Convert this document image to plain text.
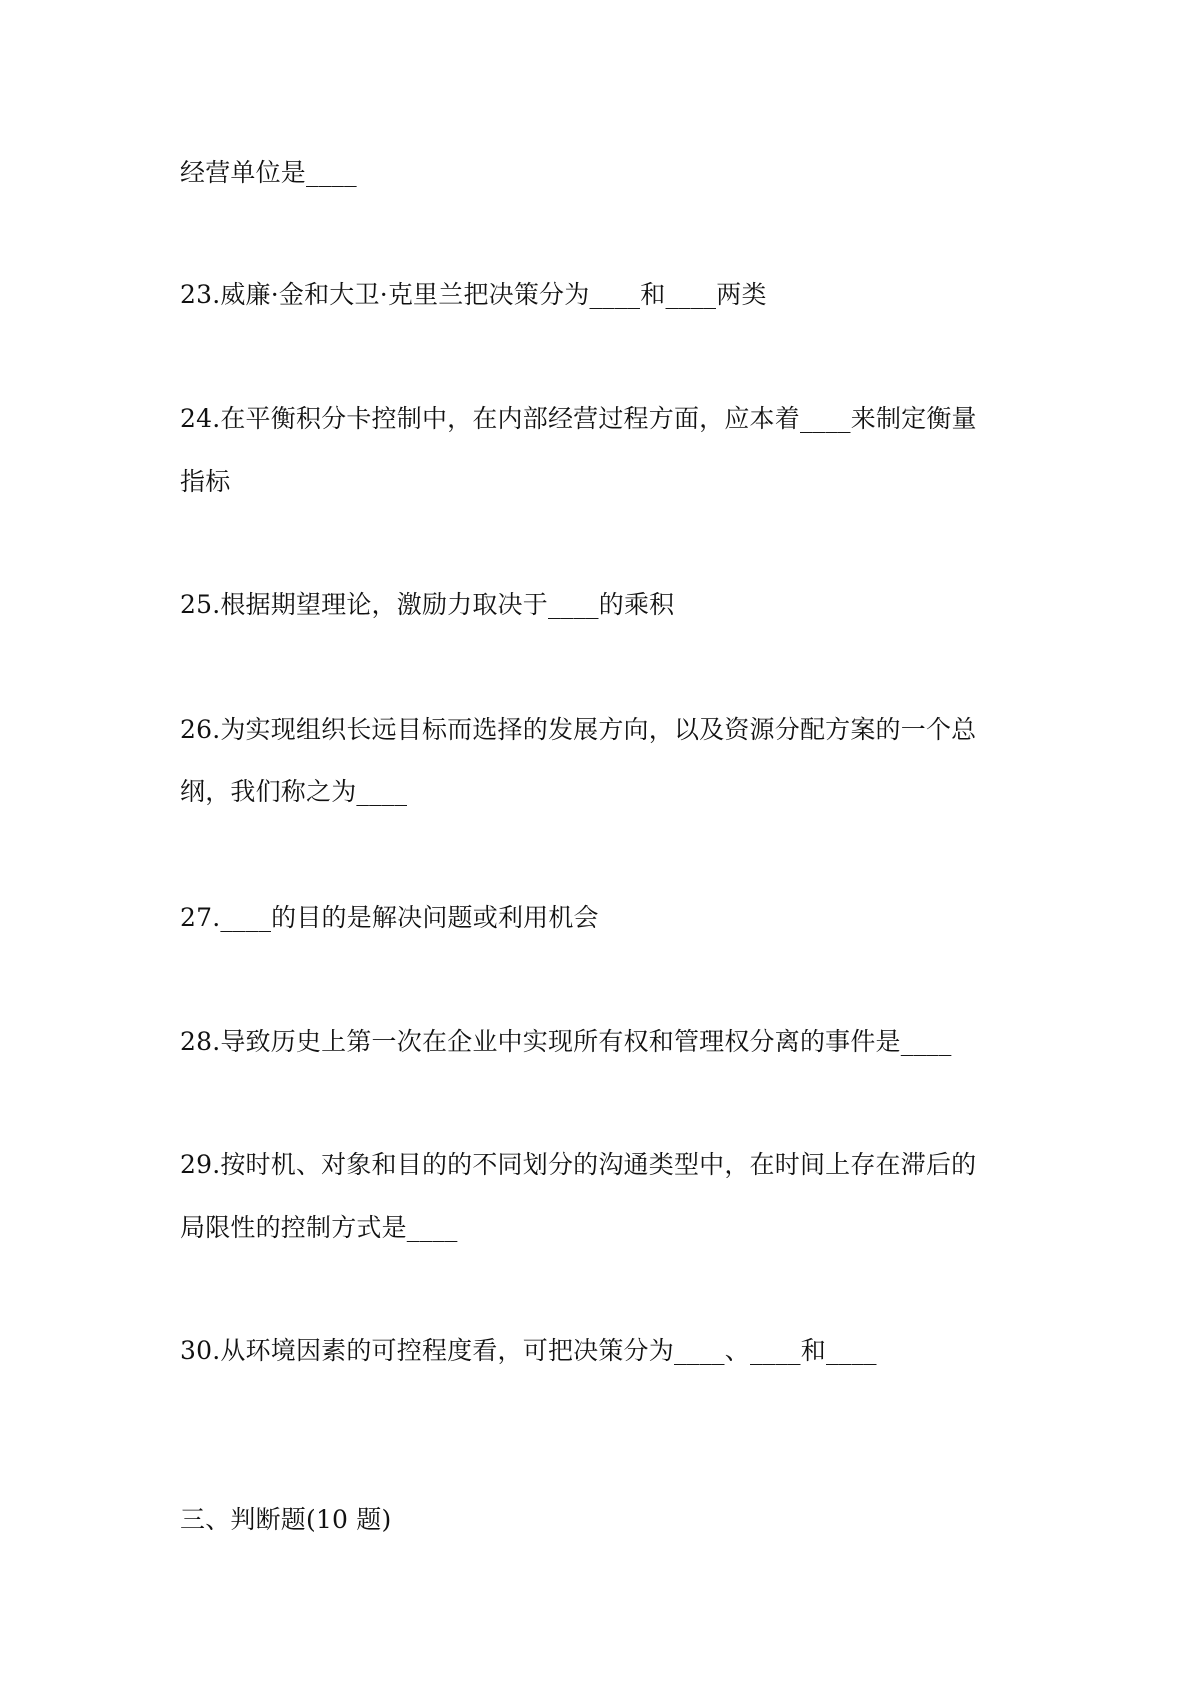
经营单位是____
23.威廉·金和大卫·克里兰把决策分为____和____两类
24.在平衡积分卡控制中，在内部经营过程方面，应本着____来制定衡量
指标
25.根据期望理论，激励力取决于____的乘积
26.为实现组织长远目标而选择的发展方向，以及资源分配方案的一个总
纲，我们称之为____
27.____的目的是解决问题或利用机会
28.导致历史上第一次在企业中实现所有权和管理权分离的事件是____
29.按时机、对象和目的的不同划分的沟通类型中，在时间上存在滞后的
局限性的控制方式是____
30.从环境因素的可控程度看，可把决策分为____、____和____
三、判断题(10 题)
